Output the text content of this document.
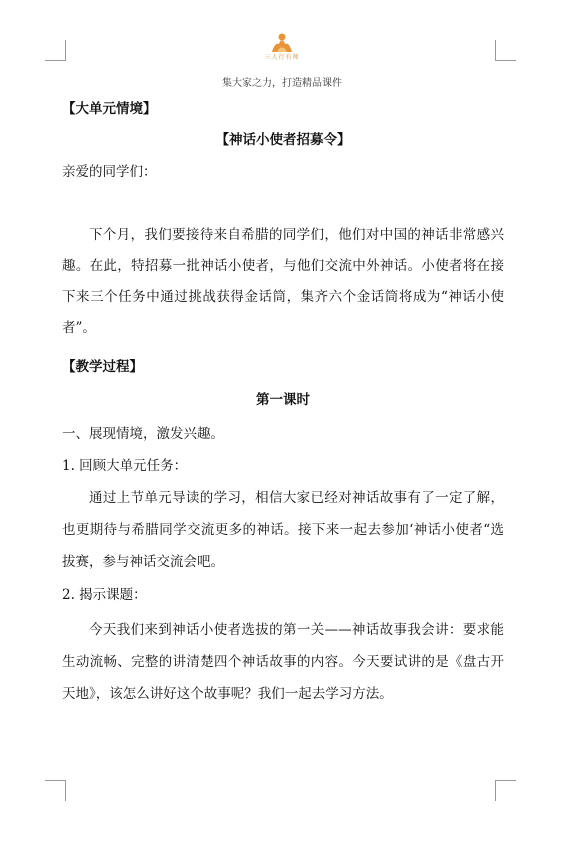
三人行有师
集大家之力，打造精品课件
【大单元情境】
【神话小使者招募令】
亲爱的同学们：
下个月，我们要接待来自希腊的同学们，他们对中国的神话非常感兴趣。在此，特招募一批神话小使者，与他们交流中外神话。小使者将在接下来三个任务中通过挑战获得金话筒，集齐六个金话筒将成为“神话小使者”。
【教学过程】
第一课时
一、展现情境，激发兴趣。
1. 回顾大单元任务：
通过上节单元导读的学习，相信大家已经对神话故事有了一定了解，也更期待与希腊同学交流更多的神话。接下来一起去参加‘神话小使者“选拔赛，参与神话交流会吧。
2. 揭示课题：
今天我们来到神话小使者选拔的第一关——神话故事我会讲：要求能生动流畅、完整的讲清楚四个神话故事的内容。今天要试讲的是《盘古开天地》，该怎么讲好这个故事呢？我们一起去学习方法。
